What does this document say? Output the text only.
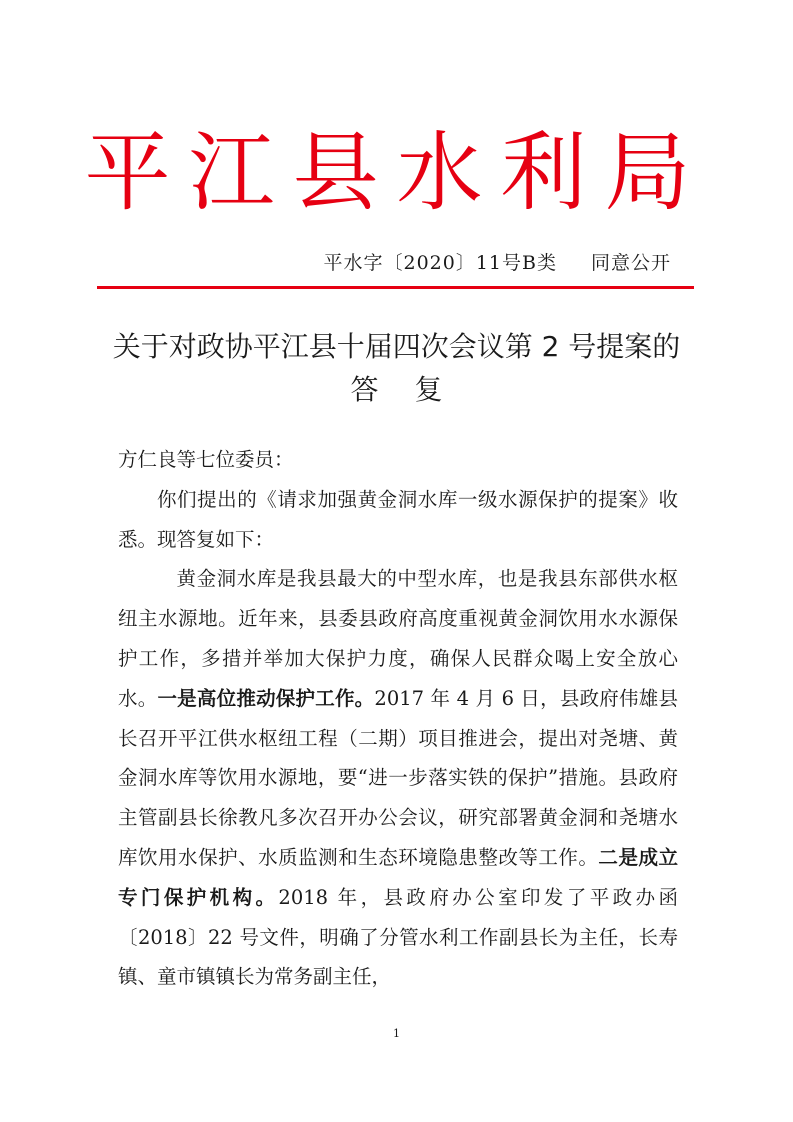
平江县水利局
平水字〔2020〕11号B类 同意公开
关于对政协平江县十届四次会议第 2 号提案的
答复

方仁良等七位委员：

你们提出的《请求加强黄金洞水库一级水源保护的提案》收悉。现答复如下：

黄金洞水库是我县最大的中型水库，也是我县东部供水枢纽主水源地。近年来，县委县政府高度重视黄金洞饮用水水源保护工作，多措并举加大保护力度，确保人民群众喝上安全放心水。一是高位推动保护工作。2017 年 4 月 6 日，县政府伟雄县长召开平江供水枢纽工程（二期）项目推进会，提出对尧塘、黄金洞水库等饮用水源地，要“进一步落实铁的保护”措施。县政府主管副县长徐教凡多次召开办公会议，研究部署黄金洞和尧塘水库饮用水保护、水质监测和生态环境隐患整改等工作。二是成立专门保护机构。2018 年，县政府办公室印发了平政办函〔2018〕22 号文件，明确了分管水利工作副县长为主任，长寿镇、童市镇镇长为常务副主任，

1
